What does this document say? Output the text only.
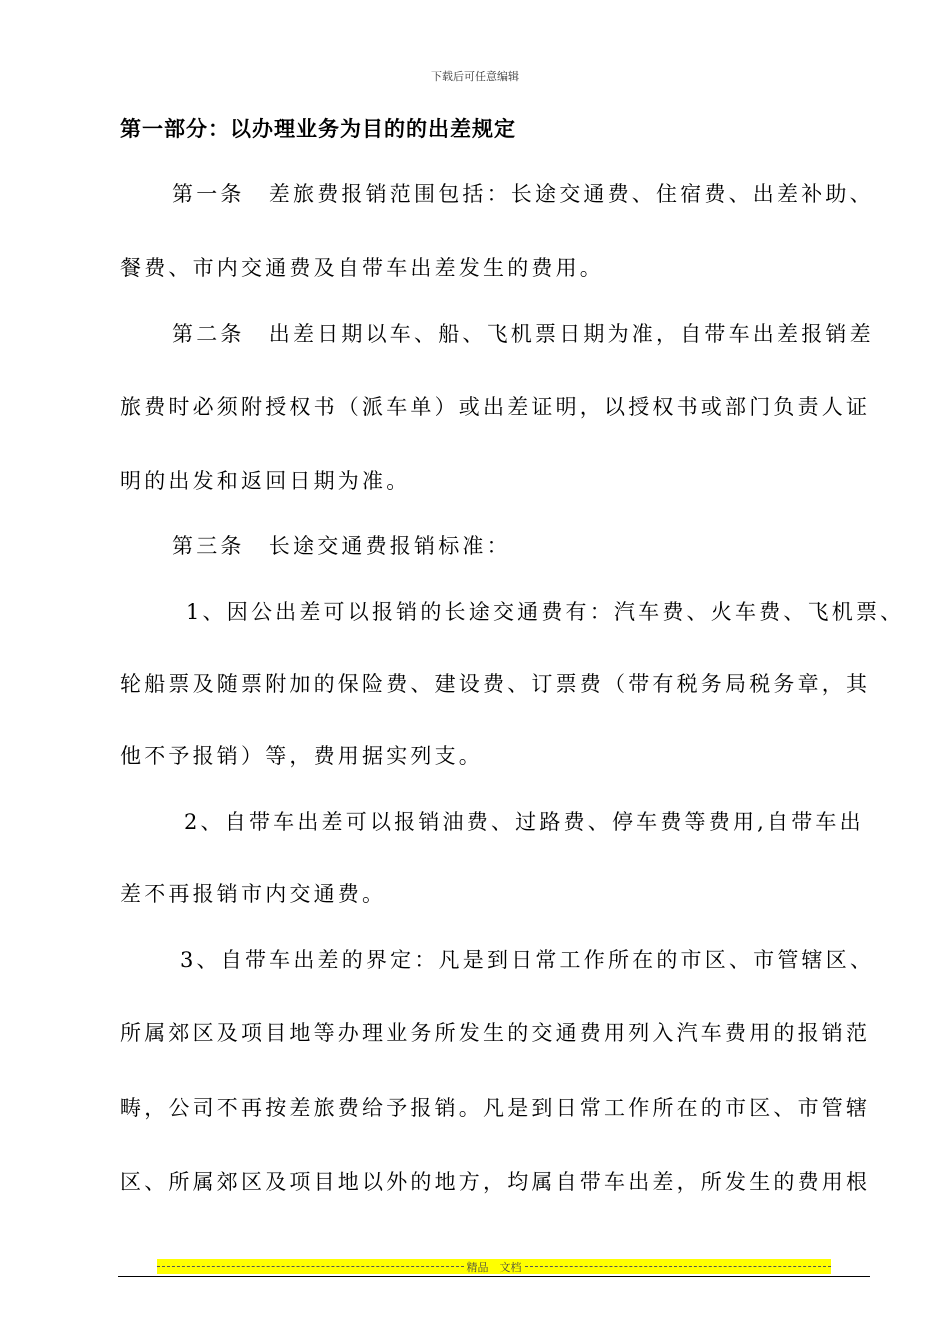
下载后可任意编辑
第一部分：以办理业务为目的的出差规定
第一条　差旅费报销范围包括：长途交通费、住宿费、出差补助、
餐费、市内交通费及自带车出差发生的费用。
第二条　出差日期以车、船、飞机票日期为准，自带车出差报销差
旅费时必须附授权书（派车单）或出差证明，以授权书或部门负责人证
明的出发和返回日期为准。
第三条　长途交通费报销标准：
1、因公出差可以报销的长途交通费有：汽车费、火车费、飞机票、
轮船票及随票附加的保险费、建设费、订票费（带有税务局税务章，其
他不予报销）等，费用据实列支。
2、自带车出差可以报销油费、过路费、停车费等费用,自带车出
差不再报销市内交通费。
3、自带车出差的界定：凡是到日常工作所在的市区、市管辖区、
所属郊区及项目地等办理业务所发生的交通费用列入汽车费用的报销范
畴，公司不再按差旅费给予报销。凡是到日常工作所在的市区、市管辖
区、所属郊区及项目地以外的地方，均属自带车出差，所发生的费用根
精品　文档
